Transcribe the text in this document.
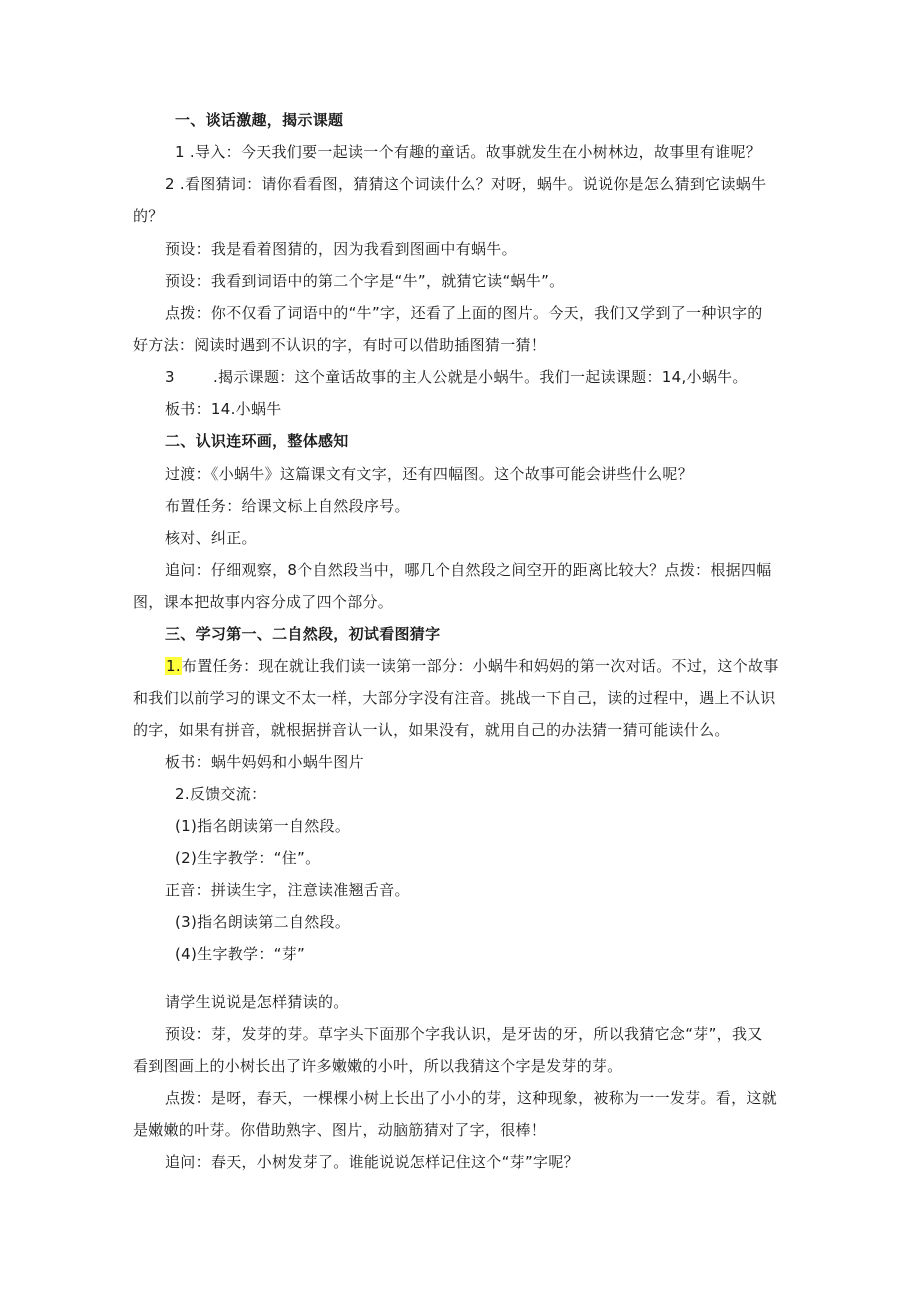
一、谈话激趣，揭示课题
1 .导入：今天我们要一起读一个有趣的童话。故事就发生在小树林边，故事里有谁呢？
2 .看图猜词：请你看看图，猜猜这个词读什么？对呀，蜗牛。说说你是怎么猜到它读蜗牛
的？
预设：我是看着图猜的，因为我看到图画中有蜗牛。
预设：我看到词语中的第二个字是“牛”，就猜它读“蜗牛”。
点拨：你不仅看了词语中的“牛”字，还看了上面的图片。今天，我们又学到了一种识字的
好方法：阅读时遇到不认识的字，有时可以借助插图猜一猜！
3	.揭示课题：这个童话故事的主人公就是小蜗牛。我们一起读课题：14,小蜗牛。
板书：14.小蜗牛
二、认识连环画，整体感知
过渡：《小蜗牛》这篇课文有文字，还有四幅图。这个故事可能会讲些什么呢？
布置任务：给课文标上自然段序号。
核对、纠正。
追问：仔细观察，8个自然段当中，哪几个自然段之间空开的距离比较大？点拨：根据四幅
图，课本把故事内容分成了四个部分。
三、学习第一、二自然段，初试看图猜字
1.布置任务：现在就让我们读一读第一部分：小蜗牛和妈妈的第一次对话。不过，这个故事
和我们以前学习的课文不太一样，大部分字没有注音。挑战一下自己，读的过程中，遇上不认识
的字，如果有拼音，就根据拼音认一认，如果没有，就用自己的办法猜一猜可能读什么。
板书：蜗牛妈妈和小蜗牛图片
2.反馈交流：
(1)指名朗读第一自然段。
(2)生字教学：“住”。
正音：拼读生字，注意读准翘舌音。
(3)指名朗读第二自然段。
(4)生字教学：“芽”
请学生说说是怎样猜读的。
预设：芽，发芽的芽。草字头下面那个字我认识，是牙齿的牙，所以我猜它念“芽”，我又
看到图画上的小树长出了许多嫩嫩的小叶，所以我猜这个字是发芽的芽。
点拨：是呀，春天，一棵棵小树上长出了小小的芽，这种现象，被称为一一发芽。看，这就
是嫩嫩的叶芽。你借助熟字、图片，动脑筋猜对了字，很棒！
追问：春天，小树发芽了。谁能说说怎样记住这个“芽”字呢？
